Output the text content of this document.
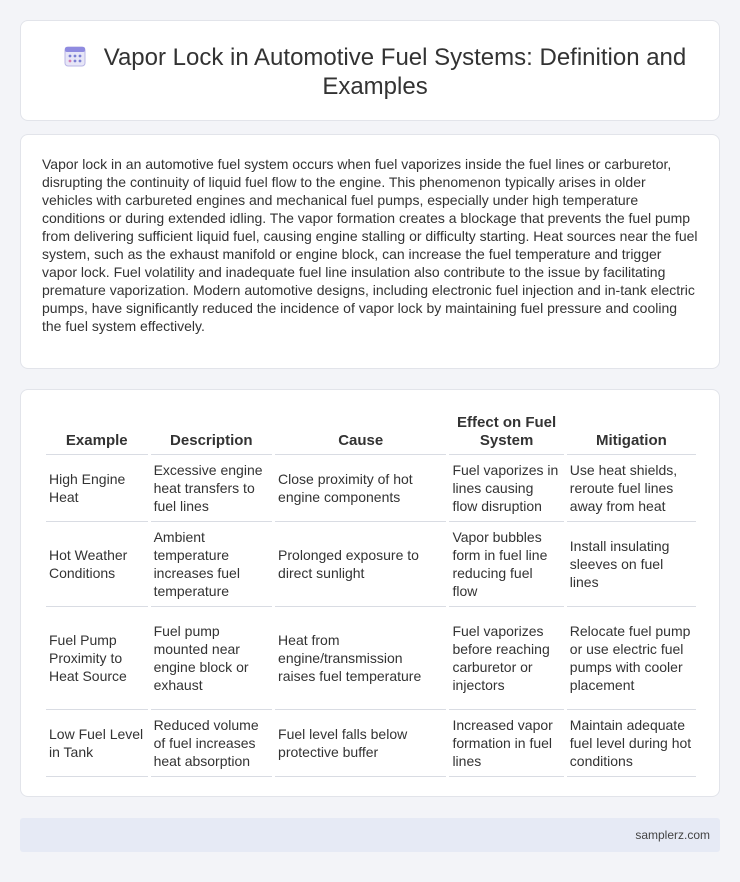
Vapor Lock in Automotive Fuel Systems: Definition and Examples

Vapor lock in an automotive fuel system occurs when fuel vaporizes inside the fuel lines or carburetor, disrupting the continuity of liquid fuel flow to the engine. This phenomenon typically arises in older vehicles with carbureted engines and mechanical fuel pumps, especially under high temperature conditions or during extended idling. The vapor formation creates a blockage that prevents the fuel pump from delivering sufficient liquid fuel, causing engine stalling or difficulty starting. Heat sources near the fuel system, such as the exhaust manifold or engine block, can increase the fuel temperature and trigger vapor lock. Fuel volatility and inadequate fuel line insulation also contribute to the issue by facilitating premature vaporization. Modern automotive designs, including electronic fuel injection and in-tank electric pumps, have significantly reduced the incidence of vapor lock by maintaining fuel pressure and cooling the fuel system effectively.

Example	Description	Cause	Effect on Fuel System	Mitigation
High Engine Heat	Excessive engine heat transfers to fuel lines	Close proximity of hot engine components	Fuel vaporizes in lines causing flow disruption	Use heat shields, reroute fuel lines away from heat
Hot Weather Conditions	Ambient temperature increases fuel temperature	Prolonged exposure to direct sunlight	Vapor bubbles form in fuel line reducing fuel flow	Install insulating sleeves on fuel lines
Fuel Pump Proximity to Heat Source	Fuel pump mounted near engine block or exhaust	Heat from engine/transmission raises fuel temperature	Fuel vaporizes before reaching carburetor or injectors	Relocate fuel pump or use electric fuel pumps with cooler placement
Low Fuel Level in Tank	Reduced volume of fuel increases heat absorption	Fuel level falls below protective buffer	Increased vapor formation in fuel lines	Maintain adequate fuel level during hot conditions
samplerz.com
